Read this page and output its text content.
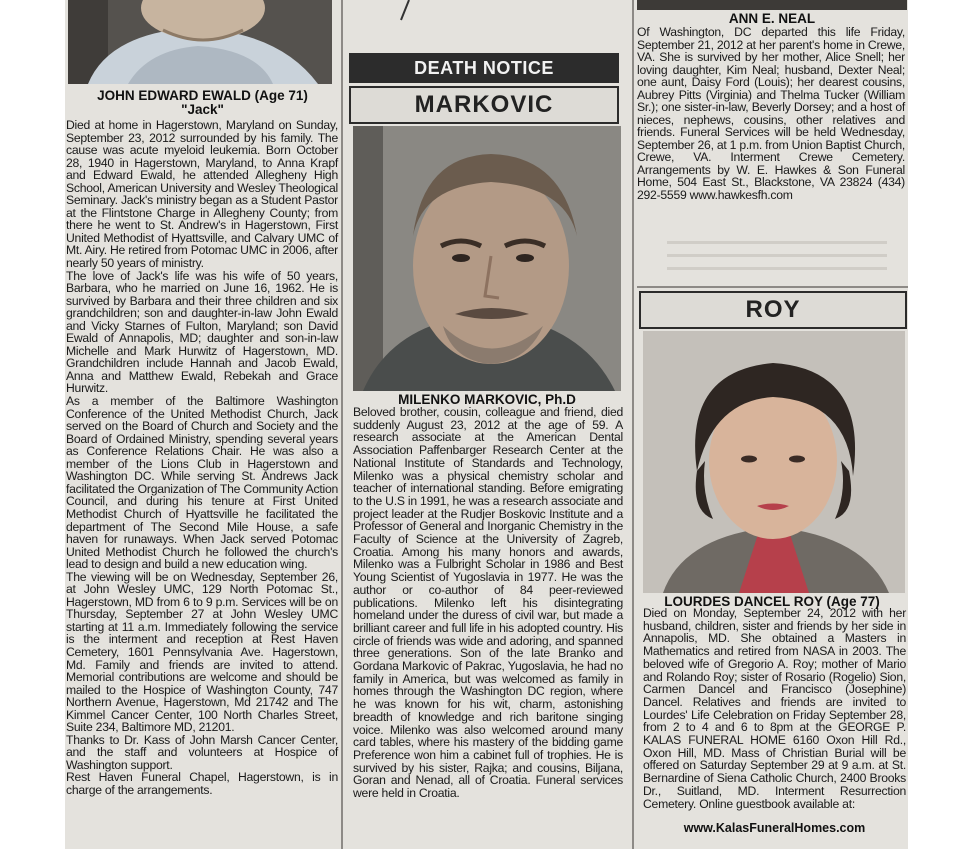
JOHN EDWARD EWALD (Age 71)
"Jack"

Died at home in Hagerstown, Maryland on Sunday, September 23, 2012 surrounded by his family. The cause was acute myeloid leukemia. Born October 28, 1940 in Hagerstown, Maryland, to Anna Krapf and Edward Ewald, he attended Allegheny High School, American University and Wesley Theological Seminary. Jack's ministry began as a Student Pastor at the Flintstone Charge in Allegheny County; from there he went to St. Andrew's in Hagerstown, First United Methodist of Hyattsville, and Calvary UMC of Mt. Airy. He retired from Potomac UMC in 2006, after nearly 50 years of ministry.

The love of Jack's life was his wife of 50 years, Barbara, who he married on June 16, 1962. He is survived by Barbara and their three children and six grandchildren; son and daughter-in-law John Ewald and Vicky Starnes of Fulton, Maryland; son David Ewald of Annapolis, MD; daughter and son-in-law Michelle and Mark Hurwitz of Hagerstown, MD. Grandchildren include Hannah and Jacob Ewald, Anna and Matthew Ewald, Rebekah and Grace Hurwitz.

As a member of the Baltimore Washington Conference of the United Methodist Church, Jack served on the Board of Church and Society and the Board of Ordained Ministry, spending several years as Conference Relations Chair. He was also a member of the Lions Club in Hagerstown and Washington DC. While serving St. Andrews Jack facilitated the Organization of The Community Action Council, and during his tenure at First United Methodist Church of Hyattsville he facilitated the department of The Second Mile House, a safe haven for runaways. When Jack served Potomac United Methodist Church he followed the church's lead to design and build a new education wing.

The viewing will be on Wednesday, September 26, at John Wesley UMC, 129 North Potomac St., Hagerstown, MD from 6 to 9 p.m. Services will be on Thursday, September 27 at John Wesley UMC starting at 11 a.m. Immediately following the service is the interment and reception at Rest Haven Cemetery, 1601 Pennsylvania Ave. Hagerstown, Md. Family and friends are invited to attend. Memorial contributions are welcome and should be mailed to the Hospice of Washington County, 747 Northern Avenue, Hagerstown, Md 21742 and The Kimmel Cancer Center, 100 North Charles Street, Suite 234, Baltimore MD, 21201.

Thanks to Dr. Kass of John Marsh Cancer Center, and the staff and volunteers at Hospice of Washington support.

Rest Haven Funeral Chapel, Hagerstown, is in charge of the arrangements.

DEATH NOTICE
MARKOVIC
MILENKO MARKOVIC, Ph.D

Beloved brother, cousin, colleague and friend, died suddenly August 23, 2012 at the age of 59. A research associate at the American Dental Association Paffenbarger Research Center at the National Institute of Standards and Technology, Milenko was a physical chemistry scholar and teacher of international standing. Before emigrating to the U.S in 1991, he was a research associate and project leader at the Rudjer Boskovic Institute and a Professor of General and Inorganic Chemistry in the Faculty of Science at the University of Zagreb, Croatia. Among his many honors and awards, Milenko was a Fulbright Scholar in 1986 and Best Young Scientist of Yugoslavia in 1977. He was the author or co-author of 84 peer-reviewed publications. Milenko left his disintegrating homeland under the duress of civil war, but made a brilliant career and full life in his adopted country. His circle of friends was wide and adoring, and spanned three generations. Son of the late Branko and Gordana Markovic of Pakrac, Yugoslavia, he had no family in America, but was welcomed as family in homes through the Washington DC region, where he was known for his wit, charm, astonishing breadth of knowledge and rich baritone singing voice. Milenko was also welcomed around many card tables, where his mastery of the bidding game Preference won him a cabinet full of trophies. He is survived by his sister, Rajka; and cousins, Biljana, Goran and Nenad, all of Croatia. Funeral services were held in Croatia.

ANN E. NEAL

Of Washington, DC departed this life Friday, September 21, 2012 at her parent's home in Crewe, VA. She is survived by her mother, Alice Snell; her loving daughter, Kim Neal; husband, Dexter Neal; one aunt, Daisy Ford (Louis); her dearest cousins, Aubrey Pitts (Virginia) and Thelma Tucker (William Sr.); one sister-in-law, Beverly Dorsey; and a host of nieces, nephews, cousins, other relatives and friends. Funeral Services will be held Wednesday, September 26, at 1 p.m. from Union Baptist Church, Crewe, VA. Interment Crewe Cemetery. Arrangements by W. E. Hawkes & Son Funeral Home, 504 East St., Blackstone, VA 23824 (434) 292-5559 www.hawkesfh.com

ROY
LOURDES DANCEL ROY (Age 77)

Died on Monday, September 24, 2012 with her husband, children, sister and friends by her side in Annapolis, MD. She obtained a Masters in Mathematics and retired from NASA in 2003. The beloved wife of Gregorio A. Roy; mother of Mario and Rolando Roy; sister of Rosario (Rogelio) Sion, Carmen Dancel and Francisco (Josephine) Dancel. Relatives and friends are invited to Lourdes' Life Celebration on Friday September 28, from 2 to 4 and 6 to 8pm at the GEORGE P. KALAS FUNERAL HOME 6160 Oxon Hill Rd., Oxon Hill, MD. Mass of Christian Burial will be offered on Saturday September 29 at 9 a.m. at St. Bernardine of Siena Catholic Church, 2400 Brooks Dr., Suitland, MD. Interment Resurrection Cemetery. Online guestbook available at:

www.KalasFuneralHomes.com
